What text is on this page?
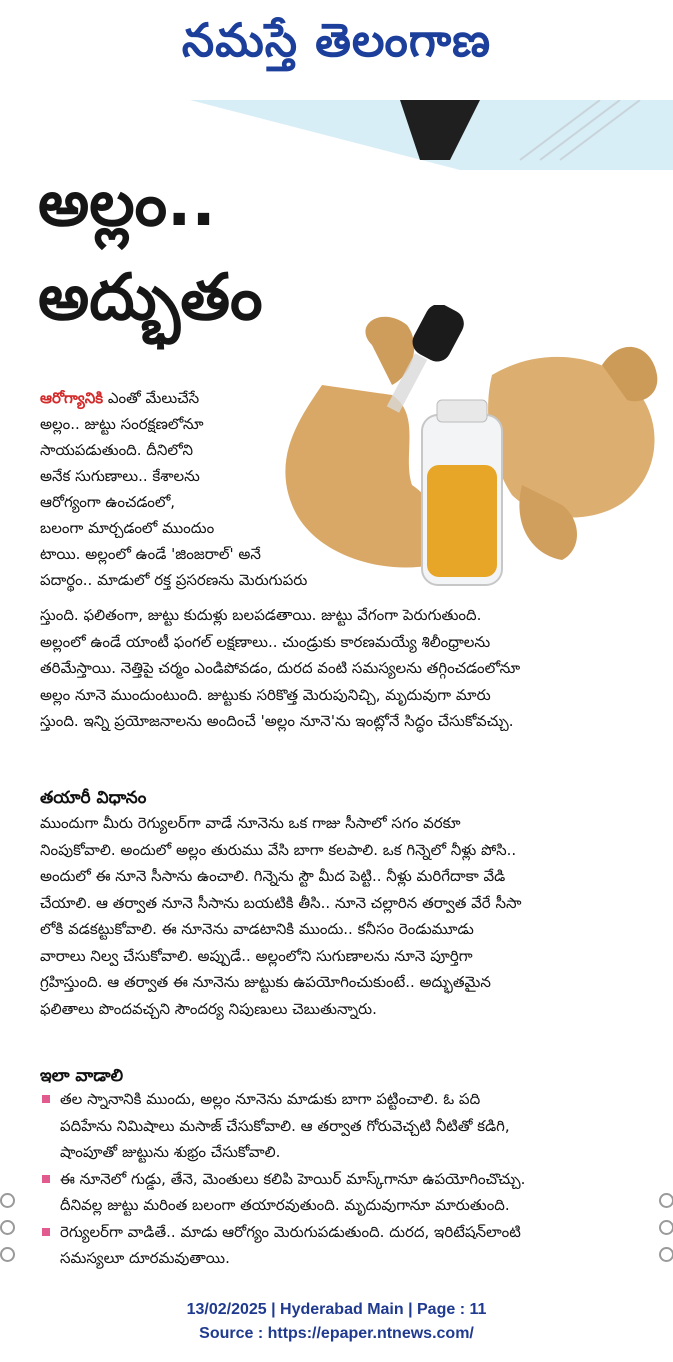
నమస్తే తెలంగాణ
అల్లం..
అద్భుతం

ఆరోగ్యానికి ఎంతో మేలుచేసే

అల్లం.. జుట్టు సంరక్షణలోనూ

సాయపడుతుంది. దీనిలోని

అనేక సుగుణాలు.. కేశాలను

ఆరోగ్యంగా ఉంచడంలో,

బలంగా మార్చడంలో ముందుం

టాయి. అల్లంలో ఉండే 'జింజరాల్' అనే

పదార్థం.. మాడులో రక్త ప్రసరణను మెరుగుపరు

స్తుంది. ఫలితంగా, జుట్టు కుదుళ్లు బలపడతాయి. జుట్టు వేగంగా పెరుగుతుంది.

అల్లంలో ఉండే యాంటీ ఫంగల్ లక్షణాలు.. చుండ్రుకు కారణమయ్యే శిలీంధ్రాలను

తరిమేస్తాయి. నెత్తిపై చర్మం ఎండిపోవడం, దురద వంటి సమస్యలను తగ్గించడంలోనూ

అల్లం నూనె ముందుంటుంది. జుట్టుకు సరికొత్త మెరుపునిచ్చి, మృదువుగా మారు

స్తుంది. ఇన్ని ప్రయోజనాలను అందించే 'అల్లం నూనె'ను ఇంట్లోనే సిద్ధం చేసుకోవచ్చు.

తయారీ విధానం

ముందుగా మీరు రెగ్యులర్‌గా వాడే నూనెను ఒక గాజు సీసాలో సగం వరకూ

నింపుకోవాలి. అందులో అల్లం తురుము వేసి బాగా కలపాలి. ఒక గిన్నెలో నీళ్లు పోసి..

అందులో ఈ నూనె సీసాను ఉంచాలి. గిన్నెను స్టౌ మీద పెట్టి.. నీళ్లు మరిగేదాకా వేడి

చేయాలి. ఆ తర్వాత నూనె సీసాను బయటికి తీసి.. నూనె చల్లారిన తర్వాత వేరే సీసా

లోకి వడకట్టుకోవాలి. ఈ నూనెను వాడటానికి ముందు.. కనీసం రెండుమూడు

వారాలు నిల్వ చేసుకోవాలి. అప్పుడే.. అల్లంలోని సుగుణాలను నూనె పూర్తిగా

గ్రహిస్తుంది. ఆ తర్వాత ఈ నూనెను జుట్టుకు ఉపయోగించుకుంటే.. అద్భుతమైన

ఫలితాలు పొందవచ్చని సౌందర్య నిపుణులు చెబుతున్నారు.

ఇలా వాడాలి
తల స్నానానికి ముందు, అల్లం నూనెను మాడుకు బాగా పట్టించాలి. ఓ పది
పదిహేను నిమిషాలు మసాజ్ చేసుకోవాలి. ఆ తర్వాత గోరువెచ్చటి నీటితో కడిగి,
షాంపూతో జుట్టును శుభ్రం చేసుకోవాలి.
ఈ నూనెలో గుడ్డు, తేనె, మెంతులు కలిపి హెయిర్ మాస్క్‌గానూ ఉపయోగించొచ్చు.
దీనివల్ల జుట్టు మరింత బలంగా తయారవుతుంది. మృదువుగానూ మారుతుంది.
రెగ్యులర్‌గా వాడితే.. మాడు ఆరోగ్యం మెరుగుపడుతుంది. దురద, ఇరిటేషన్‌లాంటి
సమస్యలూ దూరమవుతాయి.
13/02/2025 | Hyderabad Main | Page : 11
Source : https://epaper.ntnews.com/
